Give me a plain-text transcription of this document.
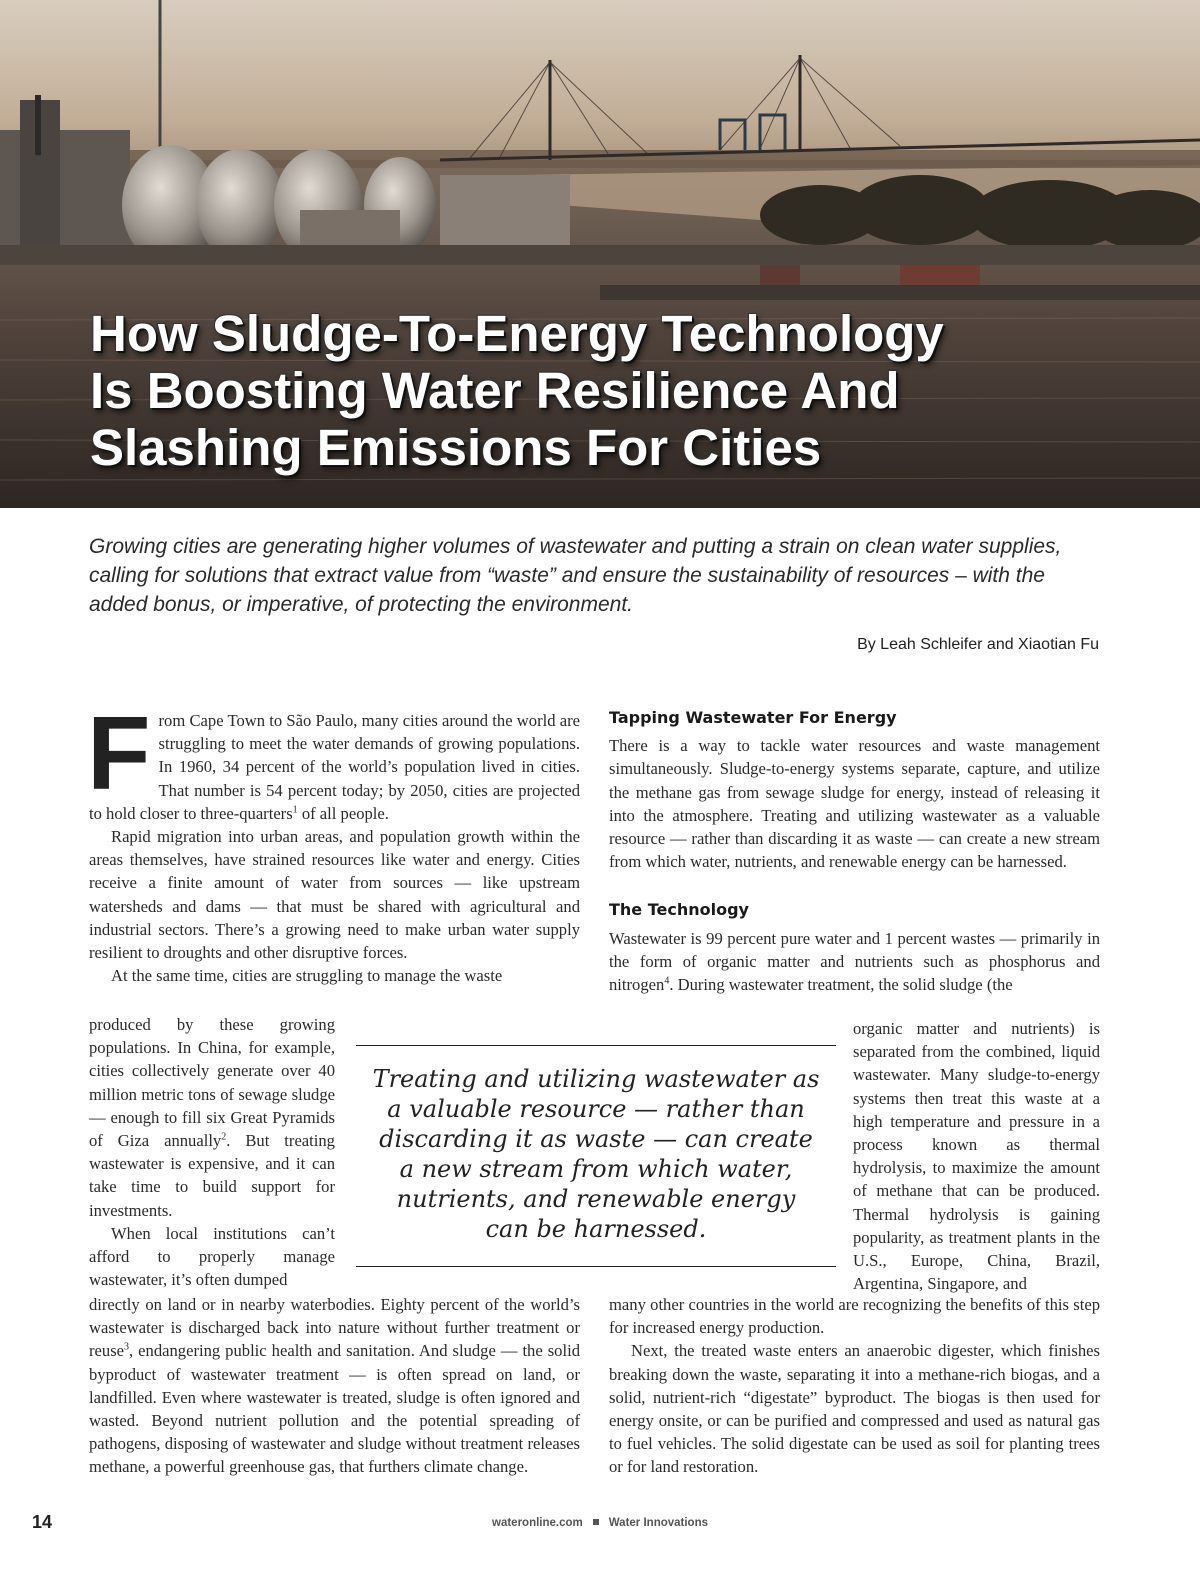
How Sludge-To-Energy Technology
Is Boosting Water Resilience And
Slashing Emissions For Cities

Growing cities are generating higher volumes of wastewater and putting a strain on clean water supplies,
calling for solutions that extract value from “waste” and ensure the sustainability of resources – with the
added bonus, or imperative, of protecting the environment.

By Leah Schleifer and Xiaotian Fu

From Cape Town to São Paulo, many cities around the world are struggling to meet the water demands of growing populations. In 1960, 34 percent of the world’s population lived in cities. That number is 54 percent today; by 2050, cities are projected to hold closer to three-quarters$^1$ of all people.

Rapid migration into urban areas, and population growth within the areas themselves, have strained resources like water and energy. Cities receive a finite amount of water from sources — like upstream watersheds and dams — that must be shared with agricultural and industrial sectors. There’s a growing need to make urban water supply resilient to droughts and other disruptive forces.

At the same time, cities are struggling to manage the waste

produced by these growing populations. In China, for example, cities collectively generate over 40 million metric tons of sewage sludge — enough to fill six Great Pyramids of Giza annually$^2$. But treating wastewater is expensive, and it can take time to build support for investments.

When local institutions can’t afford to properly manage wastewater, it’s often dumped

directly on land or in nearby waterbodies. Eighty percent of the world’s wastewater is discharged back into nature without further treatment or reuse$^3$, endangering public health and sanitation. And sludge — the solid byproduct of wastewater treatment — is often spread on land, or landfilled. Even where wastewater is treated, sludge is often ignored and wasted. Beyond nutrient pollution and the potential spreading of pathogens, disposing of wastewater and sludge without treatment releases methane, a powerful greenhouse gas, that furthers climate change.

Tapping Wastewater For Energy

There is a way to tackle water resources and waste management simultaneously. Sludge-to-energy systems separate, capture, and utilize the methane gas from sewage sludge for energy, instead of releasing it into the atmosphere. Treating and utilizing wastewater as a valuable resource — rather than discarding it as waste — can create a new stream from which water, nutrients, and renewable energy can be harnessed.

The Technology

Wastewater is 99 percent pure water and 1 percent wastes — primarily in the form of organic matter and nutrients such as phosphorus and nitrogen$^4$. During wastewater treatment, the solid sludge (the

organic matter and nutrients) is separated from the combined, liquid wastewater. Many sludge-to-energy systems then treat this waste at a high temperature and pressure in a process known as thermal hydrolysis, to maximize the amount of methane that can be produced. Thermal hydrolysis is gaining popularity, as treatment plants in the U.S., Europe, China, Brazil, Argentina, Singapore, and

many other countries in the world are recognizing the benefits of this step for increased energy production.

Next, the treated waste enters an anaerobic digester, which finishes breaking down the waste, separating it into a methane-rich biogas, and a solid, nutrient-rich “digestate” byproduct. The biogas is then used for energy onsite, or can be purified and compressed and used as natural gas to fuel vehicles. The solid digestate can be used as soil for planting trees or for land restoration.

Treating and utilizing wastewater as
a valuable resource — rather than
discarding it as waste — can create
a new stream from which water,
nutrients, and renewable energy
can be harnessed.
14	wateronline.com Water Innovations
